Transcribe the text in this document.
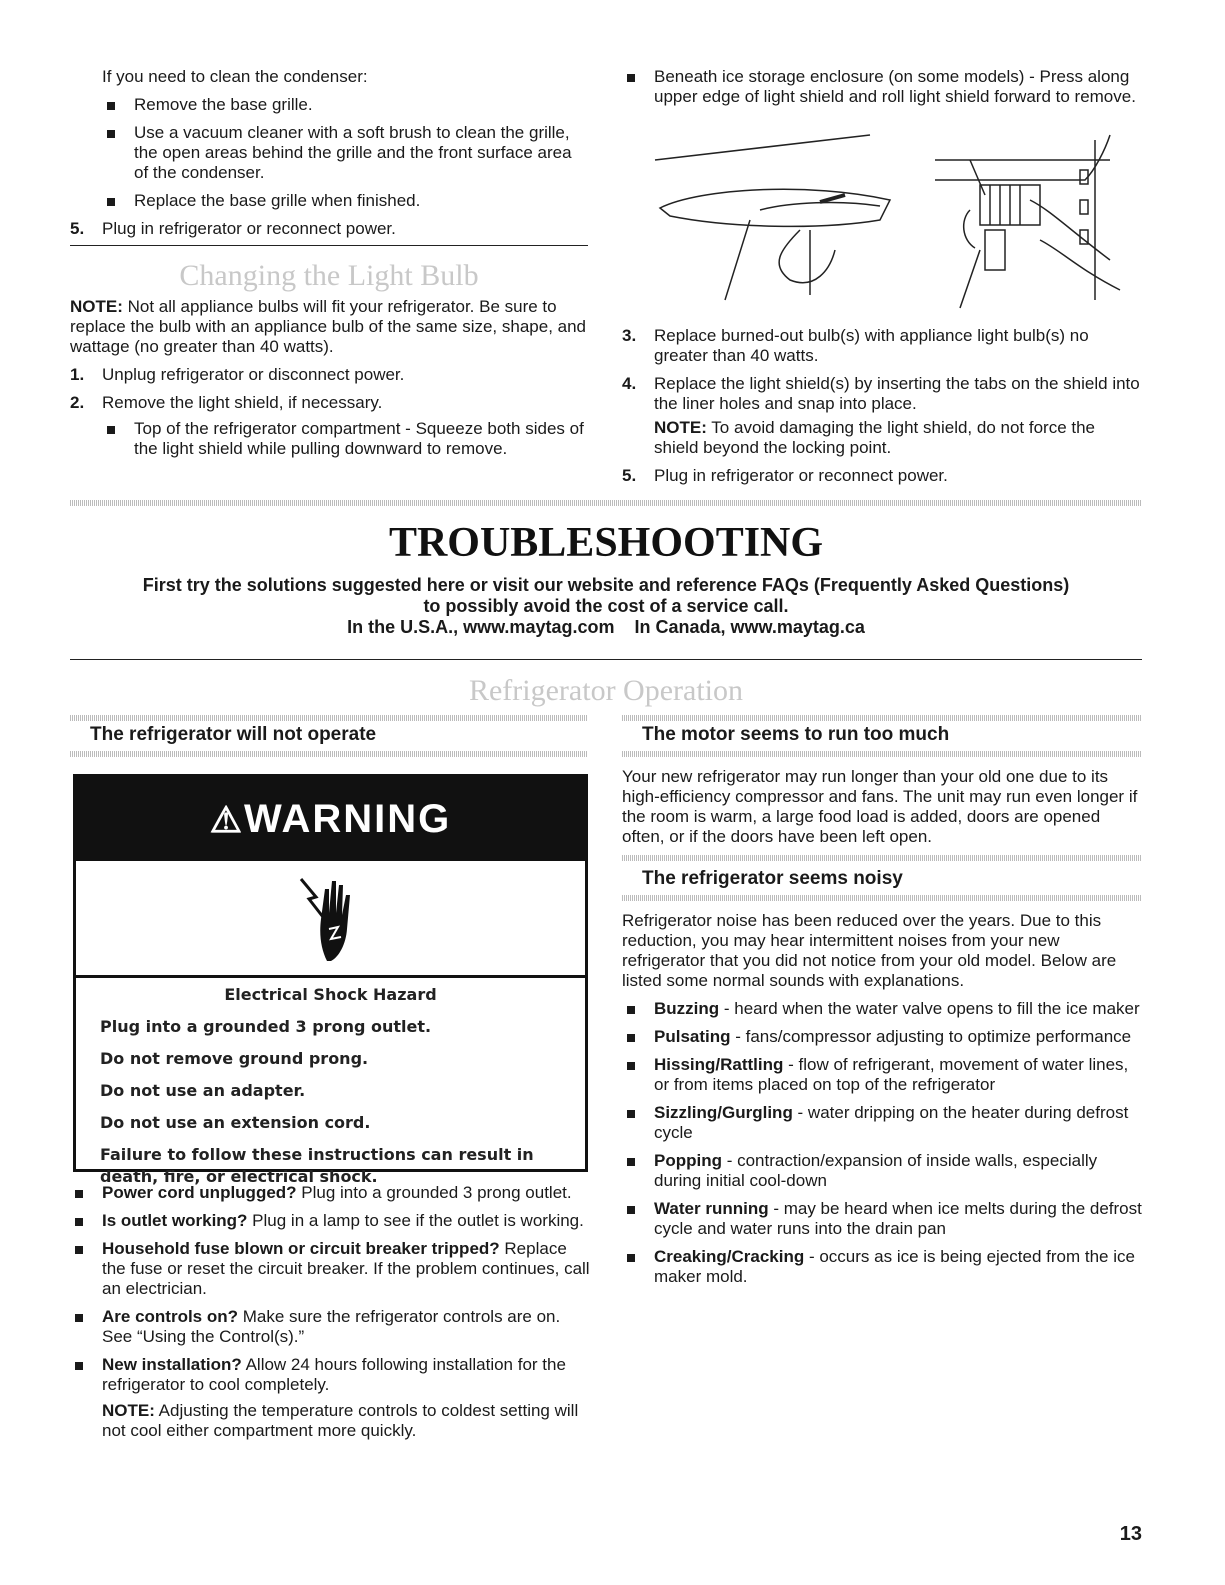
If you need to clean the condenser:

Remove the base grille.
Use a vacuum cleaner with a soft brush to clean the grille, the open areas behind the grille and the front surface area of the condenser.
Replace the base grille when finished.
5. Plug in refrigerator or reconnect power.
Changing the Light Bulb

NOTE: Not all appliance bulbs will fit your refrigerator. Be sure to replace the bulb with an appliance bulb of the same size, shape, and wattage (no greater than 40 watts).

1. Unplug refrigerator or disconnect power.
2. Remove the light shield, if necessary.
Top of the refrigerator compartment - Squeeze both sides of the light shield while pulling downward to remove.
Beneath ice storage enclosure (on some models) - Press along upper edge of light shield and roll light shield forward to remove.
3. Replace burned-out bulb(s) with appliance light bulb(s) no greater than 40 watts.
4. Replace the light shield(s) by inserting the tabs on the shield into the liner holes and snap into place.

NOTE: To avoid damaging the light shield, do not force the shield beyond the locking point.

5. Plug in refrigerator or reconnect power.
TROUBLESHOOTING
First try the solutions suggested here or visit our website and reference FAQs (Frequently Asked Questions)
to possibly avoid the cost of a service call.
In the U.S.A., www.maytag.com    In Canada, www.maytag.ca
Refrigerator Operation
The refrigerator will not operate
⚠WARNING
Electrical Shock Hazard
Plug into a grounded 3 prong outlet.
Do not remove ground prong.
Do not use an adapter.
Do not use an extension cord.
Failure to follow these instructions can result in death, fire, or electrical shock.
Power cord unplugged? Plug into a grounded 3 prong outlet.
Is outlet working? Plug in a lamp to see if the outlet is working.
Household fuse blown or circuit breaker tripped? Replace the fuse or reset the circuit breaker. If the problem continues, call an electrician.
Are controls on? Make sure the refrigerator controls are on. See “Using the Control(s).”
New installation? Allow 24 hours following installation for the refrigerator to cool completely.

NOTE: Adjusting the temperature controls to coldest setting will not cool either compartment more quickly.

The motor seems to run too much
Your new refrigerator may run longer than your old one due to its high-efficiency compressor and fans. The unit may run even longer if the room is warm, a large food load is added, doors are opened often, or if the doors have been left open.
The refrigerator seems noisy

Refrigerator noise has been reduced over the years. Due to this reduction, you may hear intermittent noises from your new refrigerator that you did not notice from your old model. Below are listed some normal sounds with explanations.

Buzzing - heard when the water valve opens to fill the ice maker
Pulsating - fans/compressor adjusting to optimize performance
Hissing/Rattling - flow of refrigerant, movement of water lines, or from items placed on top of the refrigerator
Sizzling/Gurgling - water dripping on the heater during defrost cycle
Popping - contraction/expansion of inside walls, especially during initial cool-down
Water running - may be heard when ice melts during the defrost cycle and water runs into the drain pan
Creaking/Cracking - occurs as ice is being ejected from the ice maker mold.
13
